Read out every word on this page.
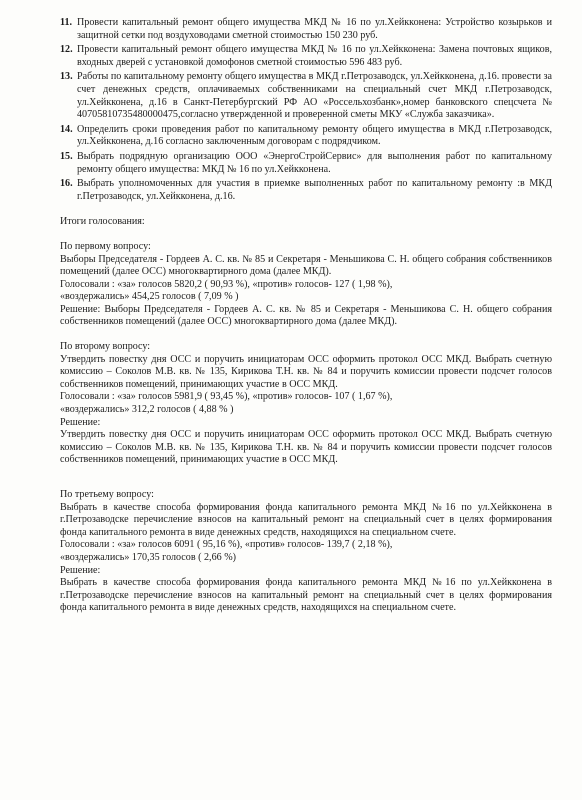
11. Провести капитальный ремонт общего имущества МКД № 16 по ул.Хейкконена: Устройство козырьков и защитной сетки под воздуховодами сметной стоимостью 150 230 руб.
12. Провести капитальный ремонт общего имущества МКД № 16 по ул.Хейкконена: Замена почтовых ящиков, входных дверей с установкой домофонов сметной стоимостью 596 483 руб.
13. Работы по капитальному ремонту общего имущества в МКД г.Петрозаводск, ул.Хейкконена, д.16. провести за счет денежных средств, оплачиваемых собственниками на специальный счет МКД г.Петрозаводск, ул.Хейкконена, д.16 в Санкт-Петербургский РФ АО «Россельхозбанк»,номер банковского спецсчета № 40705810735480000475,согласно утвержденной и проверенной сметы МКУ «Служба заказчика».
14. Определить сроки проведения работ по капитальному ремонту общего имущества в МКД г.Петрозаводск, ул.Хейкконена, д.16 согласно заключенным договорам с подрядчиком.
15. Выбрать подрядную организацию ООО «ЭнергоСтройСервис» для выполнения работ по капитальному ремонту общего имущества: МКД № 16 по ул.Хейкконена.
16. Выбрать уполномоченных для участия в приемке выполненных работ по капитальному ремонту :в МКД г.Петрозаводск, ул.Хейкконена, д.16.
Итоги голосования:

По первому вопросу:

Выборы Председателя - Гордеев А. С. кв. № 85 и Секретаря - Меньшикова С. Н. общего собрания собственников помещений (далее ОСС) многоквартирного дома (далее МКД).

Голосовали : «за» голосов 5820,2 ( 90,93 %), «против» голосов- 127 ( 1,98 %),

«воздержались» 454,25 голосов ( 7,09 % )

Решение: Выборы Председателя - Гордеев А. С. кв. № 85 и Секретаря - Меньшикова С. Н. общего собрания собственников помещений (далее ОСС) многоквартирного дома (далее МКД).

По второму вопросу:

Утвердить повестку дня ОСС и поручить инициаторам ОСС оформить протокол ОСС МКД. Выбрать счетную комиссию – Соколов М.В. кв. № 135, Кирикова Т.Н. кв. № 84 и поручить комиссии провести подсчет голосов собственников помещений, принимающих участие в ОСС МКД.

Голосовали : «за» голосов 5981,9 ( 93,45 %), «против» голосов- 107 ( 1,67 %),

«воздержались» 312,2 голосов ( 4,88 % )

Решение:

Утвердить повестку дня ОСС и поручить инициаторам ОСС оформить протокол ОСС МКД. Выбрать счетную комиссию – Соколов М.В. кв. № 135, Кирикова Т.Н. кв. № 84 и поручить комиссии провести подсчет голосов собственников помещений, принимающих участие в ОСС МКД.

По третьему вопросу:

Выбрать в качестве способа формирования фонда капитального ремонта МКД №16 по ул.Хейкконена в г.Петрозаводске перечисление взносов на капитальный ремонт на специальный счет в целях формирования фонда капитального ремонта в виде денежных средств, находящихся на специальном счете.

Голосовали : «за» голосов 6091 ( 95,16 %), «против» голосов- 139,7 ( 2,18 %),

«воздержались» 170,35 голосов ( 2,66 %)

Решение:

Выбрать в качестве способа формирования фонда капитального ремонта МКД №16 по ул.Хейкконена в г.Петрозаводске перечисление взносов на капитальный ремонт на специальный счет в целях формирования фонда капитального ремонта в виде денежных средств, находящихся на специальном счете.
